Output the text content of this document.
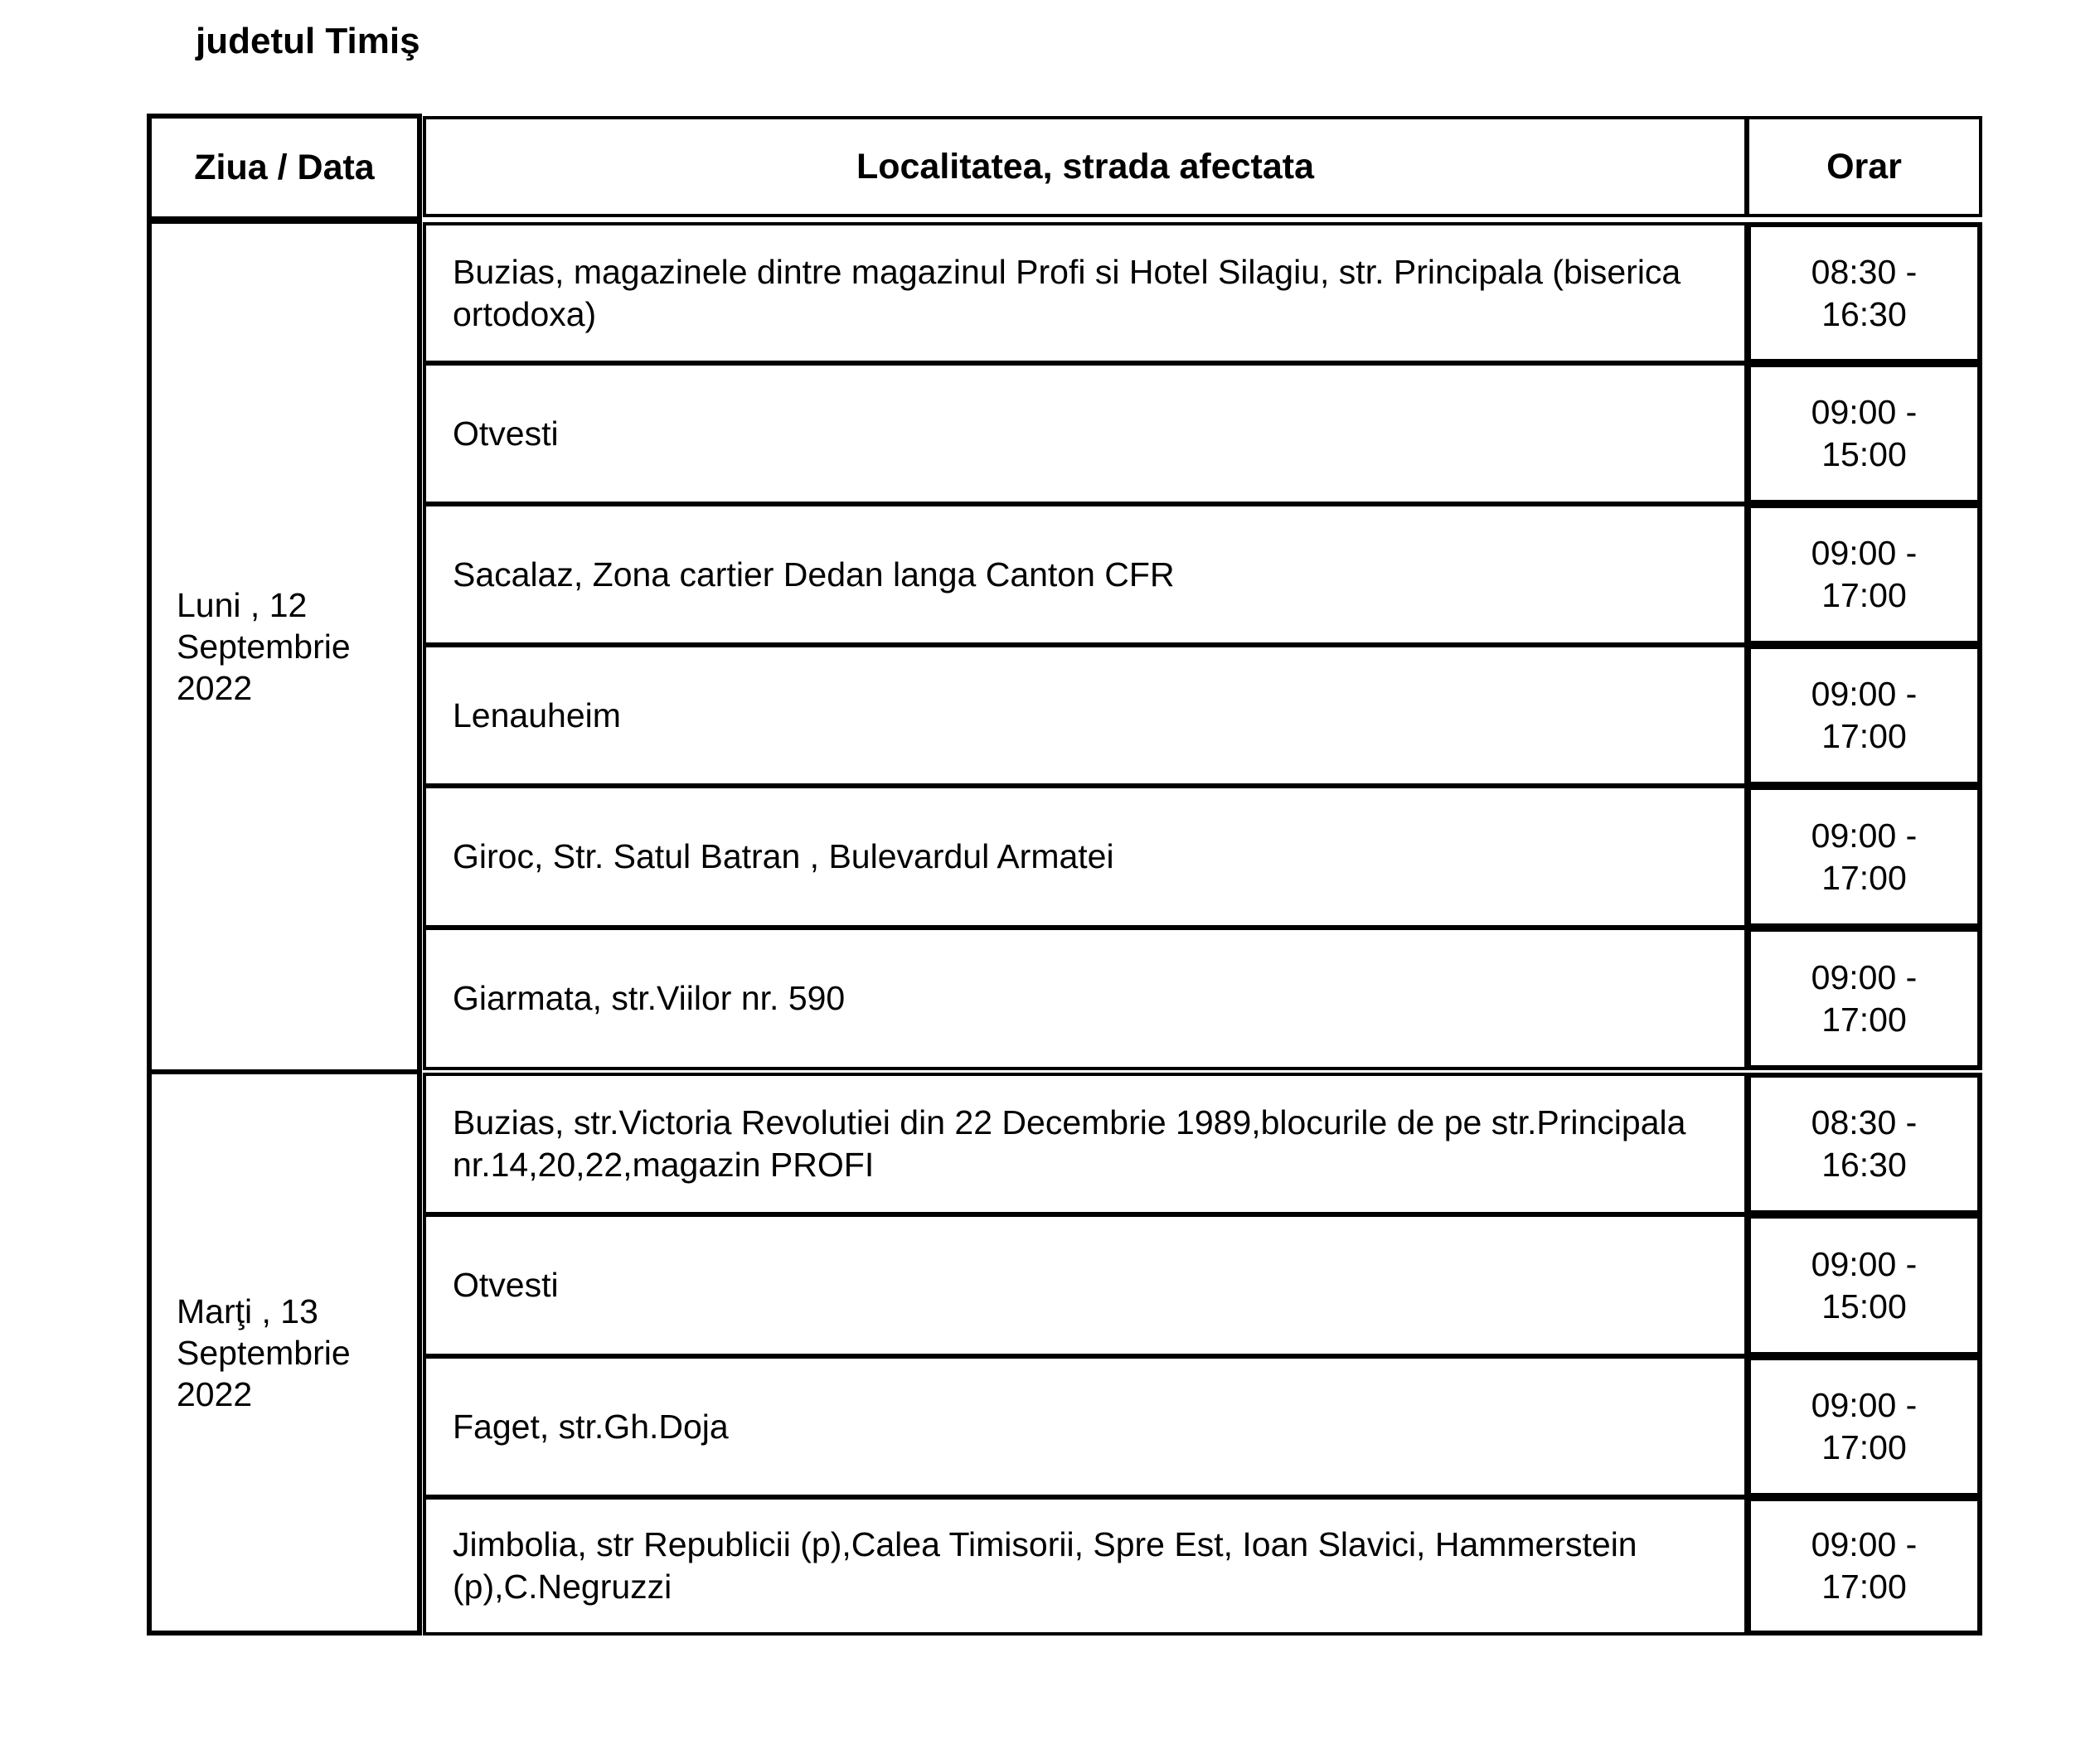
judetul Timiş
Ziua / Data	Localitatea, strada afectata	Orar
Luni , 12 Septembrie 2022
Buzias, magazinele dintre magazinul Profi si Hotel Silagiu, str. Principala (biserica ortodoxa)
08:30 - 16:30
Otvesti
09:00 - 15:00
Sacalaz, Zona cartier Dedan langa Canton CFR
09:00 - 17:00
Lenauheim
09:00 - 17:00
Giroc, Str. Satul Batran , Bulevardul Armatei
09:00 - 17:00
Giarmata, str.Viilor nr. 590
09:00 - 17:00
Marţi , 13 Septembrie 2022
Buzias, str.Victoria Revolutiei din 22 Decembrie 1989,blocurile de pe str.Principala nr.14,20,22,magazin PROFI
08:30 - 16:30
Otvesti
09:00 - 15:00
Faget, str.Gh.Doja
09:00 - 17:00
Jimbolia, str Republicii (p),Calea Timisorii, Spre Est, Ioan Slavici, Hammerstein (p),C.Negruzzi
09:00 - 17:00
